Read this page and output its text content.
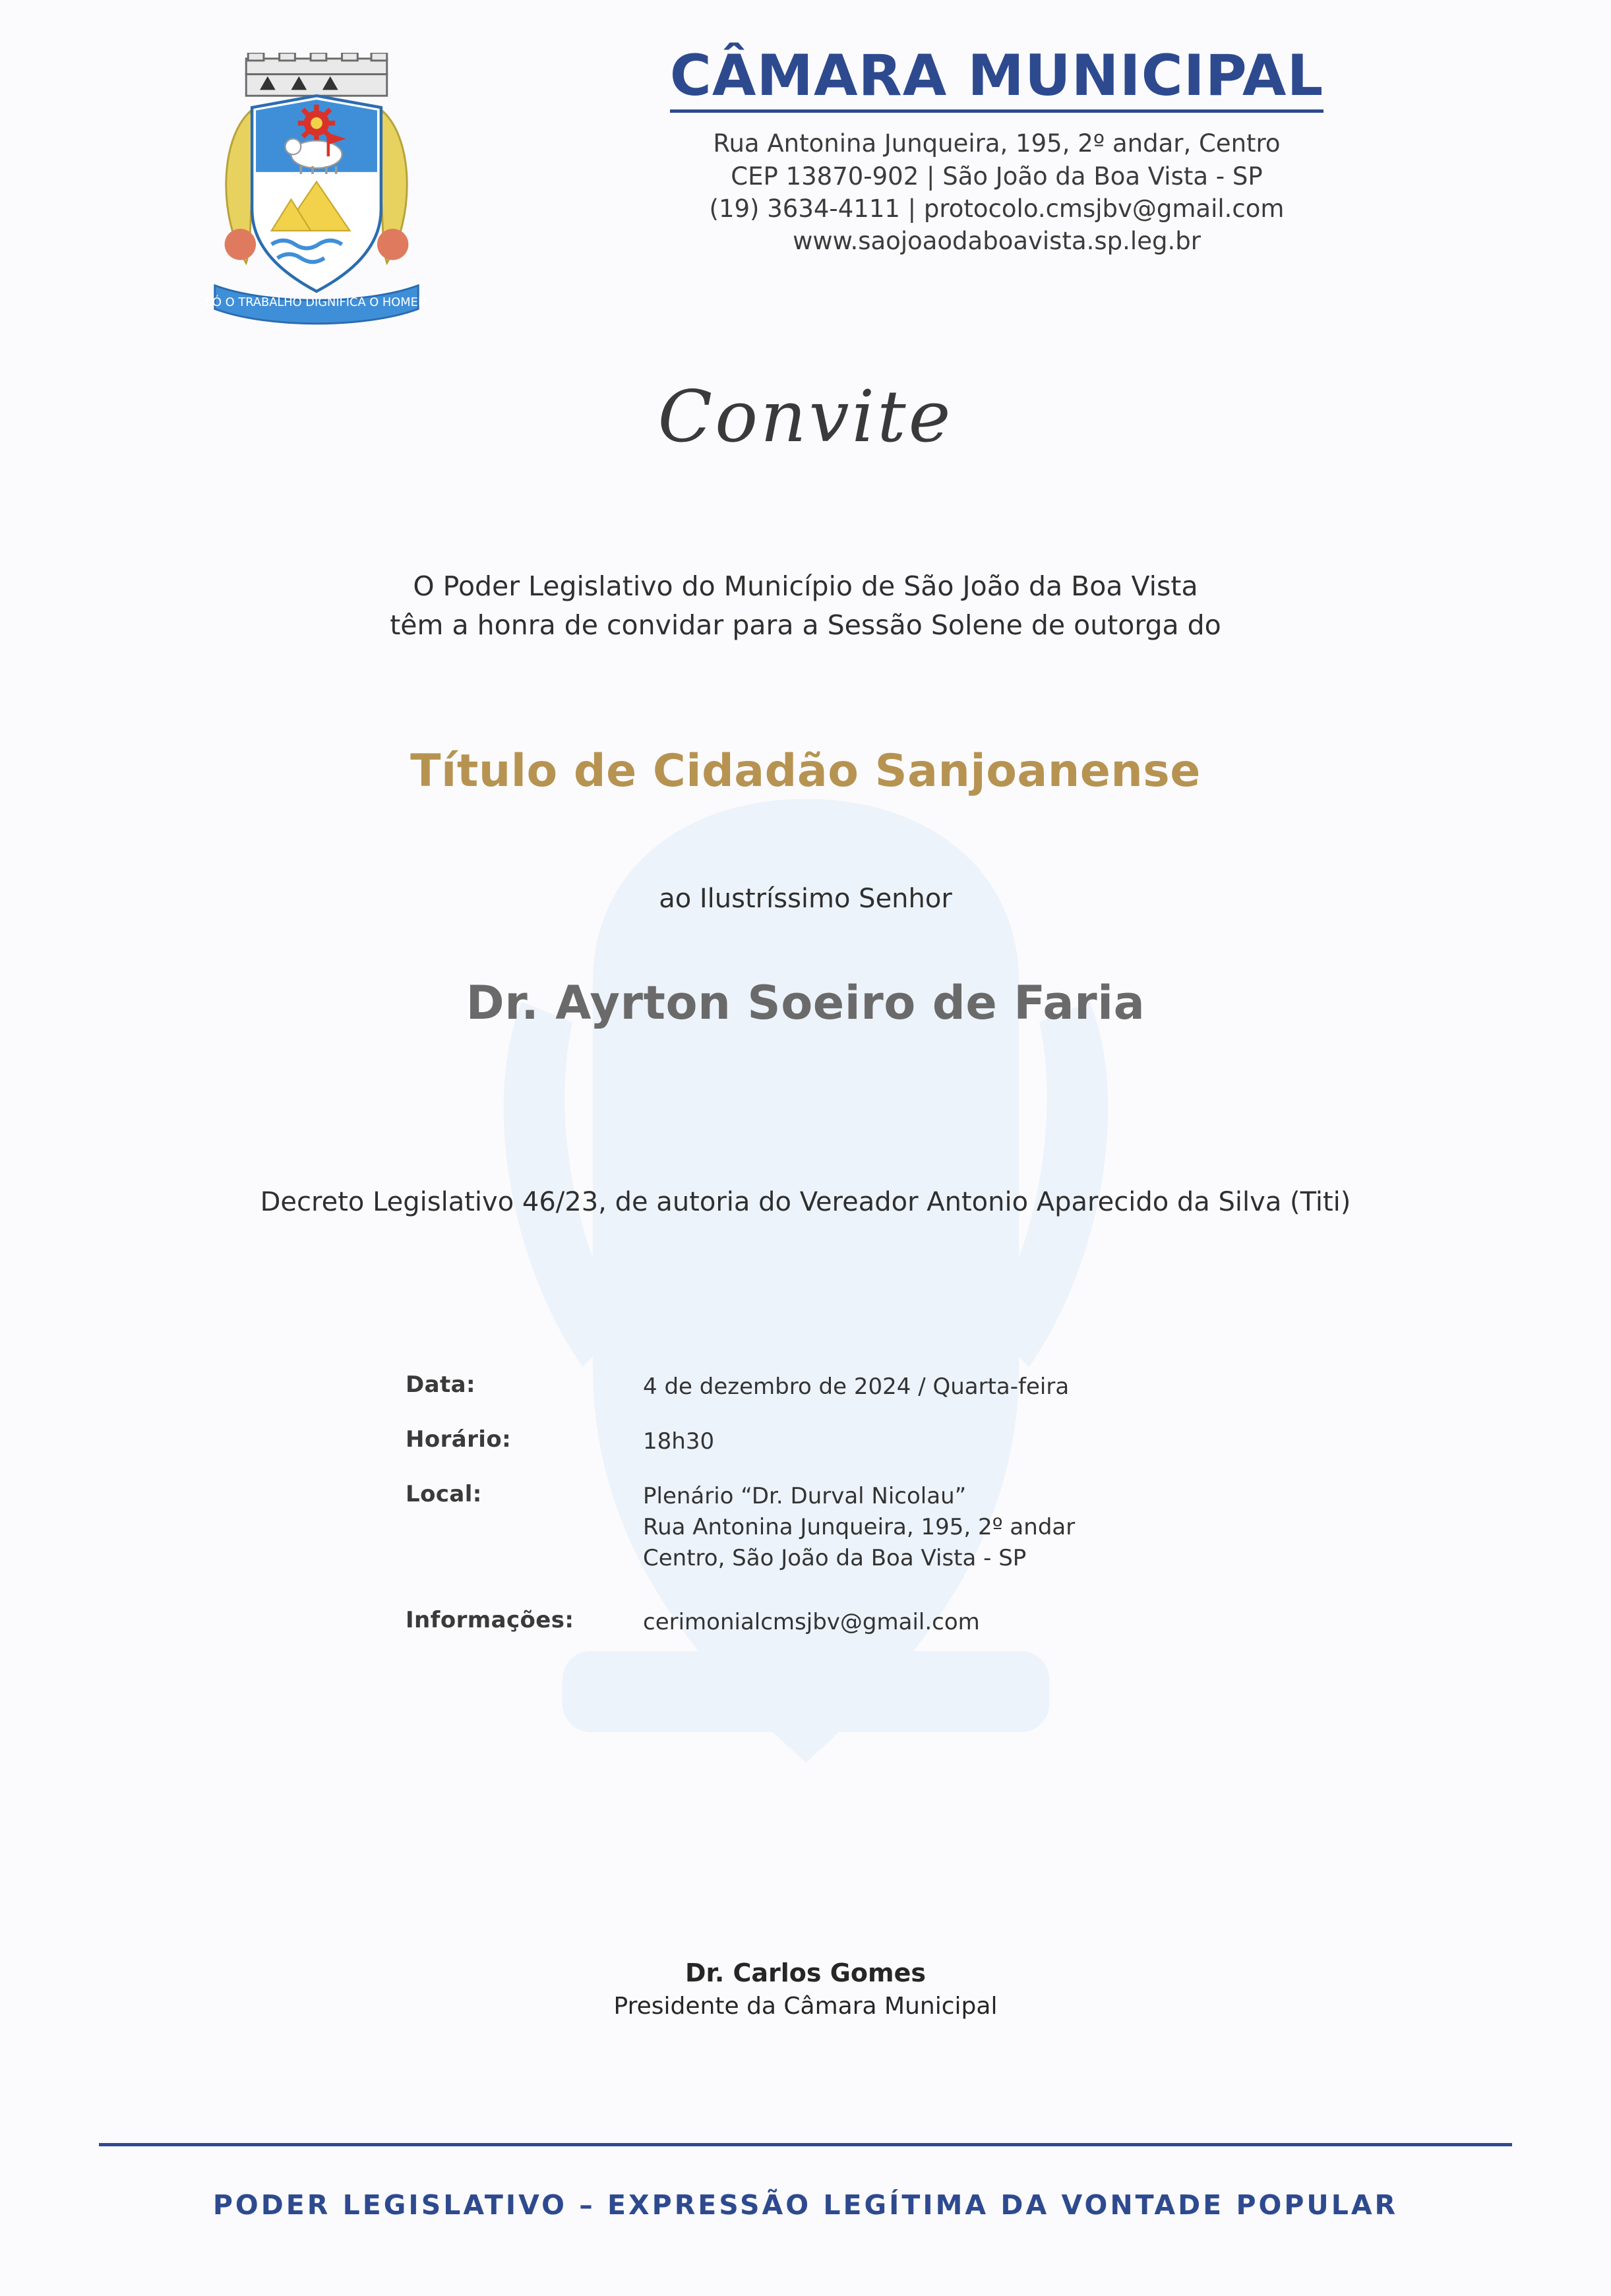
SÓ O TRABALHO DIGNIFICA O HOMEM
CÂMARA MUNICIPAL
Rua Antonina Junqueira, 195, 2º andar, Centro
CEP 13870-902 | São João da Boa Vista - SP
(19) 3634-4111 | protocolo.cmsjbv@gmail.com
www.saojoaodaboavista.sp.leg.br
Convite
O Poder Legislativo do Município de São João da Boa Vista
têm a honra de convidar para a Sessão Solene de outorga do
Título de Cidadão Sanjoanense
ao Ilustríssimo Senhor
Dr. Ayrton Soeiro de Faria
Decreto Legislativo 46/23, de autoria do Vereador Antonio Aparecido da Silva (Titi)
Data:	4 de dezembro de 2024 / Quarta-feira
Horário:	18h30
Local:	Plenário “Dr. Durval Nicolau”
Rua Antonina Junqueira, 195, 2º andar
Centro, São João da Boa Vista - SP
Informações:	cerimonialcmsjbv@gmail.com
Dr. Carlos Gomes
Presidente da Câmara Municipal
PODER LEGISLATIVO – EXPRESSÃO LEGÍTIMA DA VONTADE POPULAR
